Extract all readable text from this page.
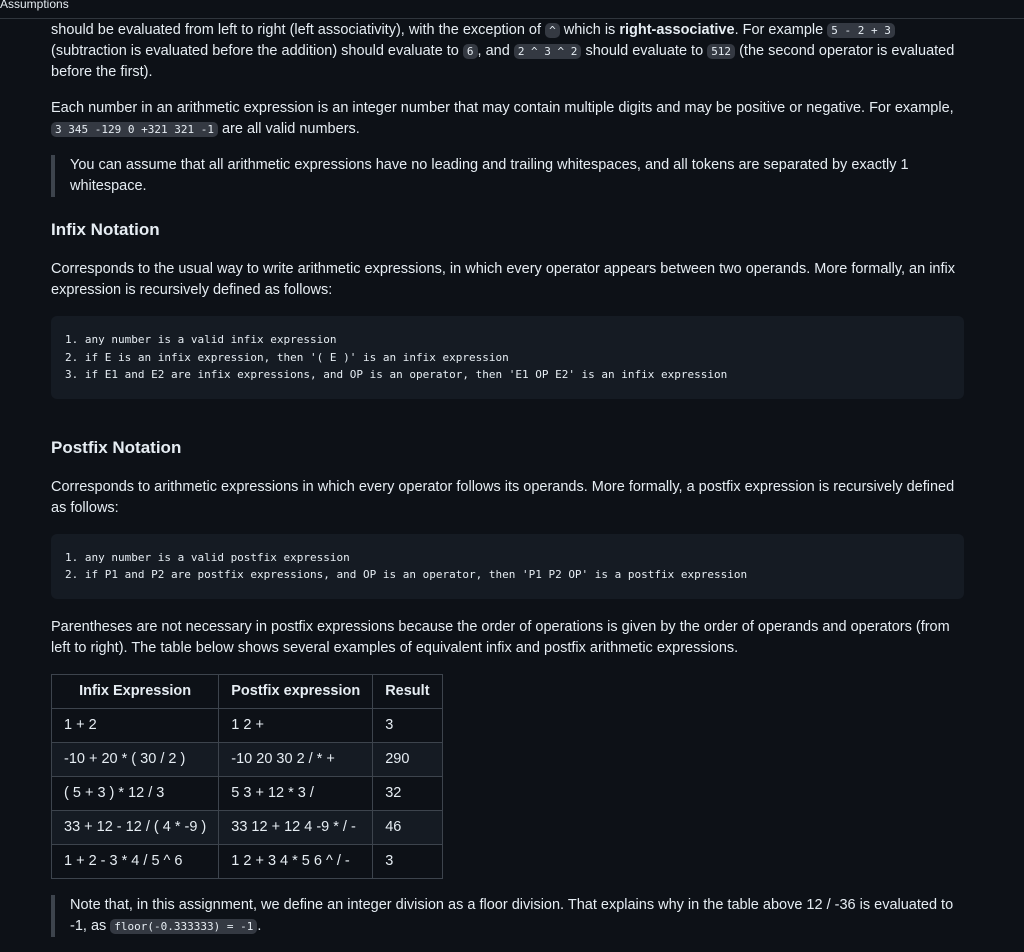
Assumptions

should be evaluated from left to right (left associativity), with the exception of ^ which is right-associative. For example 5 - 2 + 3 (subtraction is evaluated before the addition) should evaluate to 6 , and 2 ^ 3 ^ 2 should evaluate to 512 (the second operator is evaluated before the first).

Each number in an arithmetic expression is an integer number that may contain multiple digits and may be positive or negative. For example, 3 345 -129 0 +321 321 -1 are all valid numbers.

You can assume that all arithmetic expressions have no leading and trailing whitespaces, and all tokens are separated by exactly 1 whitespace.
Infix Notation

Corresponds to the usual way to write arithmetic expressions, in which every operator appears between two operands. More formally, an infix expression is recursively defined as follows:

1. any number is a valid infix expression
2. if E is an infix expression, then '( E )' is an infix expression
3. if E1 and E2 are infix expressions, and OP is an operator, then 'E1 OP E2' is an infix expression
Postfix Notation

Corresponds to arithmetic expressions in which every operator follows its operands. More formally, a postfix expression is recursively defined as follows:

1. any number is a valid postfix expression
2. if P1 and P2 are postfix expressions, and OP is an operator, then 'P1 P2 OP' is a postfix expression

Parentheses are not necessary in postfix expressions because the order of operations is given by the order of operands and operators (from left to right). The table below shows several examples of equivalent infix and postfix arithmetic expressions.

Infix Expression	Postfix expression	Result
1 + 2	1 2 +	3
-10 + 20 * ( 30 / 2 )	-10 20 30 2 / * +	290
( 5 + 3 ) * 12 / 3	5 3 + 12 * 3 /	32
33 + 12 - 12 / ( 4 * -9 )	33 12 + 12 4 -9 * / -	46
1 + 2 - 3 * 4 / 5 ^ 6	1 2 + 3 4 * 5 6 ^ / -	3
Note that, in this assignment, we define an integer division as a floor division. That explains why in the table above 12 / -36 is evaluated to -1, as floor(-0.333333) = -1 .
